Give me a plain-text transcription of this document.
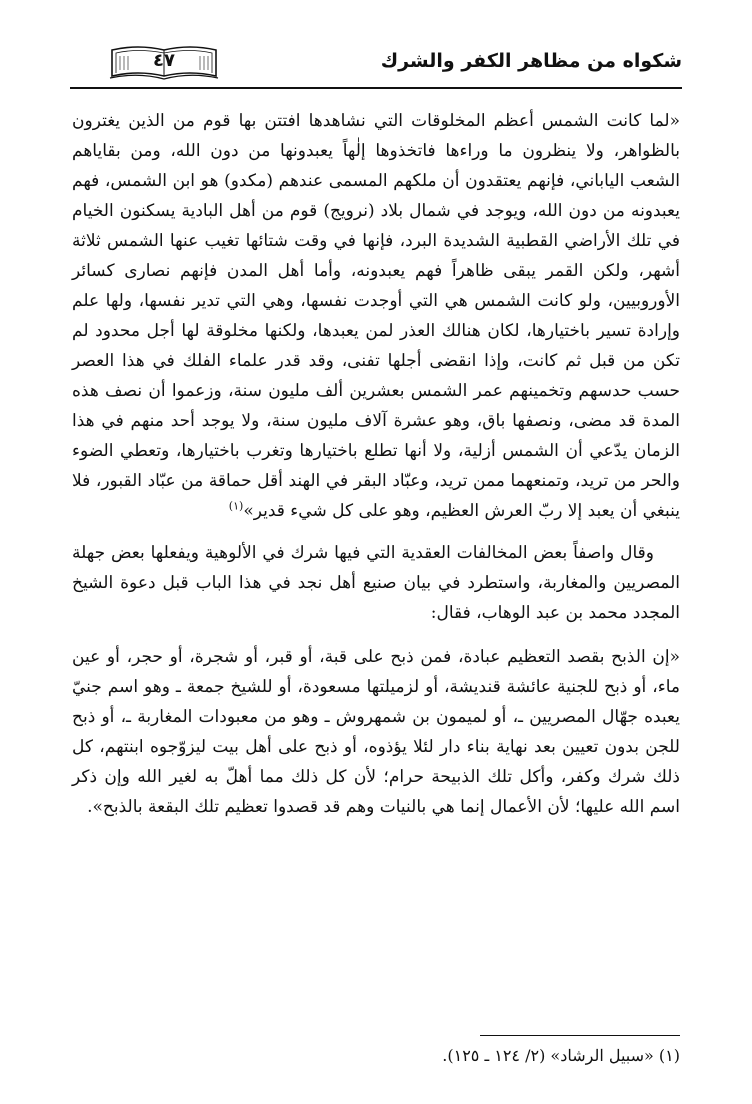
شكواه من مظاهر الكفر والشرك
٤٧

«لما كانت الشمس أعظم المخلوقات التي نشاهدها افتتن بها قوم من الذين يغترون بالظواهر، ولا ينظرون ما وراءها فاتخذوها إلٰهاً يعبدونها من دون الله، ومن بقاياهم الشعب الياباني، فإنهم يعتقدون أن ملكهم المسمى عندهم (مكدو) هو ابن الشمس، فهم يعبدونه من دون الله، ويوجد في شمال بلاد (نرويج) قوم من أهل البادية يسكنون الخيام في تلك الأراضي القطبية الشديدة البرد، فإنها في وقت شتائها تغيب عنها الشمس ثلاثة أشهر، ولكن القمر يبقى ظاهراً فهم يعبدونه، وأما أهل المدن فإنهم نصارى كسائر الأوروبيين، ولو كانت الشمس هي التي أوجدت نفسها، وهي التي تدير نفسها، ولها علم وإرادة تسير باختيارها، لكان هنالك العذر لمن يعبدها، ولكنها مخلوقة لها أجل محدود لم تكن من قبل ثم كانت، وإذا انقضى أجلها تفنى، وقد قدر علماء الفلك في هذا العصر حسب حدسهم وتخمينهم عمر الشمس بعشرين ألف مليون سنة، وزعموا أن نصف هذه المدة قد مضى، ونصفها باق، وهو عشرة آلاف مليون سنة، ولا يوجد أحد منهم في هذا الزمان يدّعي أن الشمس أزلية، ولا أنها تطلع باختيارها وتغرب باختيارها، وتعطي الضوء والحر من تريد، وتمنعهما ممن تريد، وعبّاد البقر في الهند أقل حماقة من عبّاد القبور، فلا ينبغي أن يعبد إلا ربّ العرش العظيم، وهو على كل شيء قدير»$^{(١)}$

وقال واصفاً بعض المخالفات العقدية التي فيها شرك في الألوهية ويفعلها بعض جهلة المصريين والمغاربة، واستطرد في بيان صنيع أهل نجد في هذا الباب قبل دعوة الشيخ المجدد محمد بن عبد الوهاب، فقال:

«إن الذبح بقصد التعظيم عبادة، فمن ذبح على قبة، أو قبر، أو شجرة، أو حجر، أو عين ماء، أو ذبح للجنية عائشة قنديشة، أو لزميلتها مسعودة، أو للشيخ جمعة ـ وهو اسم جنيّ يعبده جهّال المصريين ـ، أو لميمون بن شمهروش ـ وهو من معبودات المغاربة ـ، أو ذبح للجن بدون تعيين بعد نهاية بناء دار لئلا يؤذوه، أو ذبح على أهل بيت ليزوّجوه ابنتهم، كل ذلك شرك وكفر، وأكل تلك الذبيحة حرام؛ لأن كل ذلك مما أهلّ به لغير الله وإن ذكر اسم الله عليها؛ لأن الأعمال إنما هي بالنيات وهم قد قصدوا تعظيم تلك البقعة بالذبح».

(١) «سبيل الرشاد» (٢/ ١٢٤ ـ ١٢٥).
